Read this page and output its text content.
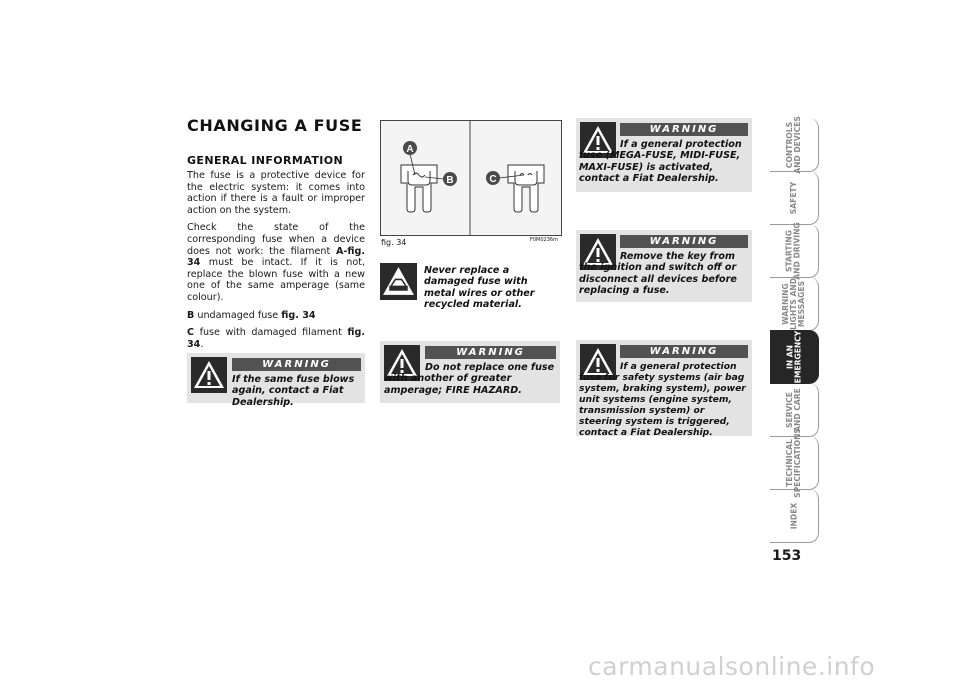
CHANGING A FUSE
GENERAL INFORMATION

The fuse is a protective device for the electric system: it comes into action if there is a fault or improper action on the system.

Check the state of the corresponding fuse when a device does not work: the filament A-fig. 34 must be intact. If it is not, replace the blown fuse with a new one of the same amperage (same colour).

B undamaged fuse fig. 34

C fuse with damaged filament fig. 34.

WARNING
If the same fuse blows again, contact a Fiat Dealership.
A
B	C
fig. 34	F0M0236m
Never replace a damaged fuse with metal wires or other recycled material.
WARNING
Do not replace one fuse with another of greater amperage; FIRE HAZARD.
WARNING
If a general protection fuse (MEGA-FUSE, MIDI-FUSE, MAXI-FUSE) is activated, contact a Fiat Dealership.
WARNING
Remove the key from the ignition and switch off or disconnect all devices before replacing a fuse.
WARNING
If a general protection fuse for safety systems (air bag system, braking system), power unit systems (engine system, transmission system) or steering system is triggered, contact a Fiat Dealership.
CONTROLS
AND DEVICES
SAFETY
STARTING
AND DRIVING
WARNING
LIGHTS AND
MESSAGES
IN AN
EMERGENCY
SERVICE
AND CARE
TECHNICAL
SPECIFICATIONS
INDEX
153
carmanualsonline.info
